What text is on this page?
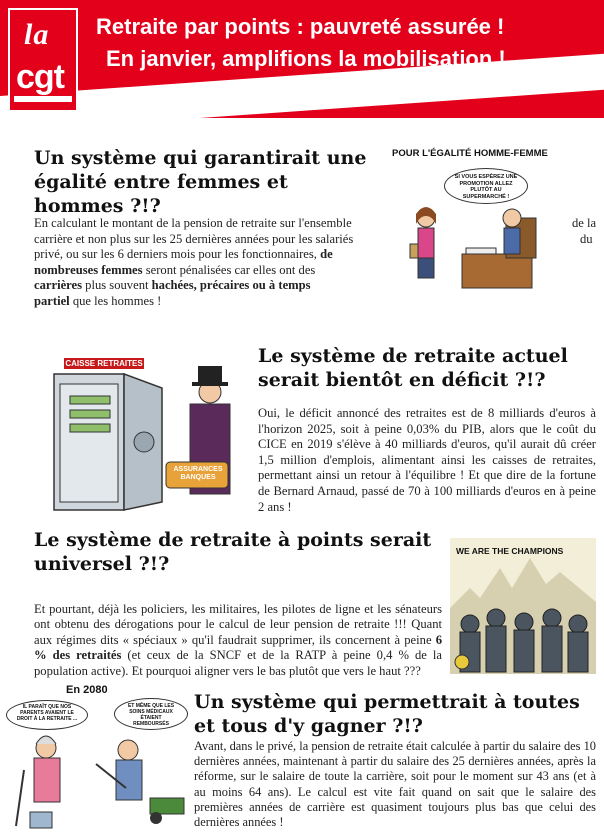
la
cgt
Retraite par points : pauvreté assurée !
En janvier, amplifions la mobilisation !
Un système qui garantirait une
égalité entre femmes et
hommes ?!?
En calculant le montant de la pension de retraite sur l'ensemble
carrière et non plus sur les 25 dernières années pour les salariés
privé, ou sur les 6 derniers mois pour les fonctionnaires, de
nombreuses femmes seront pénalisées car elles ont des
carrières plus souvent hachées, précaires ou à temps
partiel que les hommes !
de la
du
POUR L'ÉGALITÉ HOMME-FEMME
SI VOUS ESPÉREZ UNE PROMOTION ALLEZ PLUTÔT AU SUPERMARCHÉ !
CAISSE RETRAITES
ASSURANCES BANQUES
Le système de retraite actuel
serait bientôt en déficit ?!?
Oui, le déficit annoncé des retraites est de 8 milliards d'euros à l'horizon 2025, soit à peine 0,03% du PIB, alors que le coût du CICE en 2019 s'élève à 40 milliards d'euros, qu'il aurait dû créer 1,5 million d'emplois, alimentant ainsi les caisses de retraites, permettant ainsi un retour à l'équilibre ! Et que dire de la fortune de Bernard Arnaud, passé de 70 à 100 milliards d'euros en à peine 2 ans !
Le système de retraite à points serait
universel ?!?
WE ARE THE CHAMPIONS
Et pourtant, déjà les policiers, les militaires, les pilotes de ligne et les sénateurs ont obtenu des dérogations pour le calcul de leur pension de retraite !!! Quant aux régimes dits « spéciaux » qu'il faudrait supprimer, ils concernent à peine 6 % des retraités (et ceux de la SNCF et de la RATP à peine 0,4 % de la population active). Et pourquoi aligner vers le bas plutôt que vers le haut ???
En 2080
IL PARAÎT QUE NOS PARENTS AVAIENT LE DROIT À LA RETRAITE ...
ET MÊME QUE LES SOINS MÉDICAUX ÉTAIENT REMBOURSÉS
Un système qui permettrait à toutes
et tous d'y gagner ?!?
Avant, dans le privé, la pension de retraite était calculée à partir du salaire des 10 dernières années, maintenant à partir du salaire des 25 dernières années, après la réforme, sur le salaire de toute la carrière, soit pour le moment sur 43 ans (et à au moins 64 ans). Le calcul est vite fait quand on sait que le salaire des premières années de carrière est quasiment toujours plus bas que celui des dernières années !
